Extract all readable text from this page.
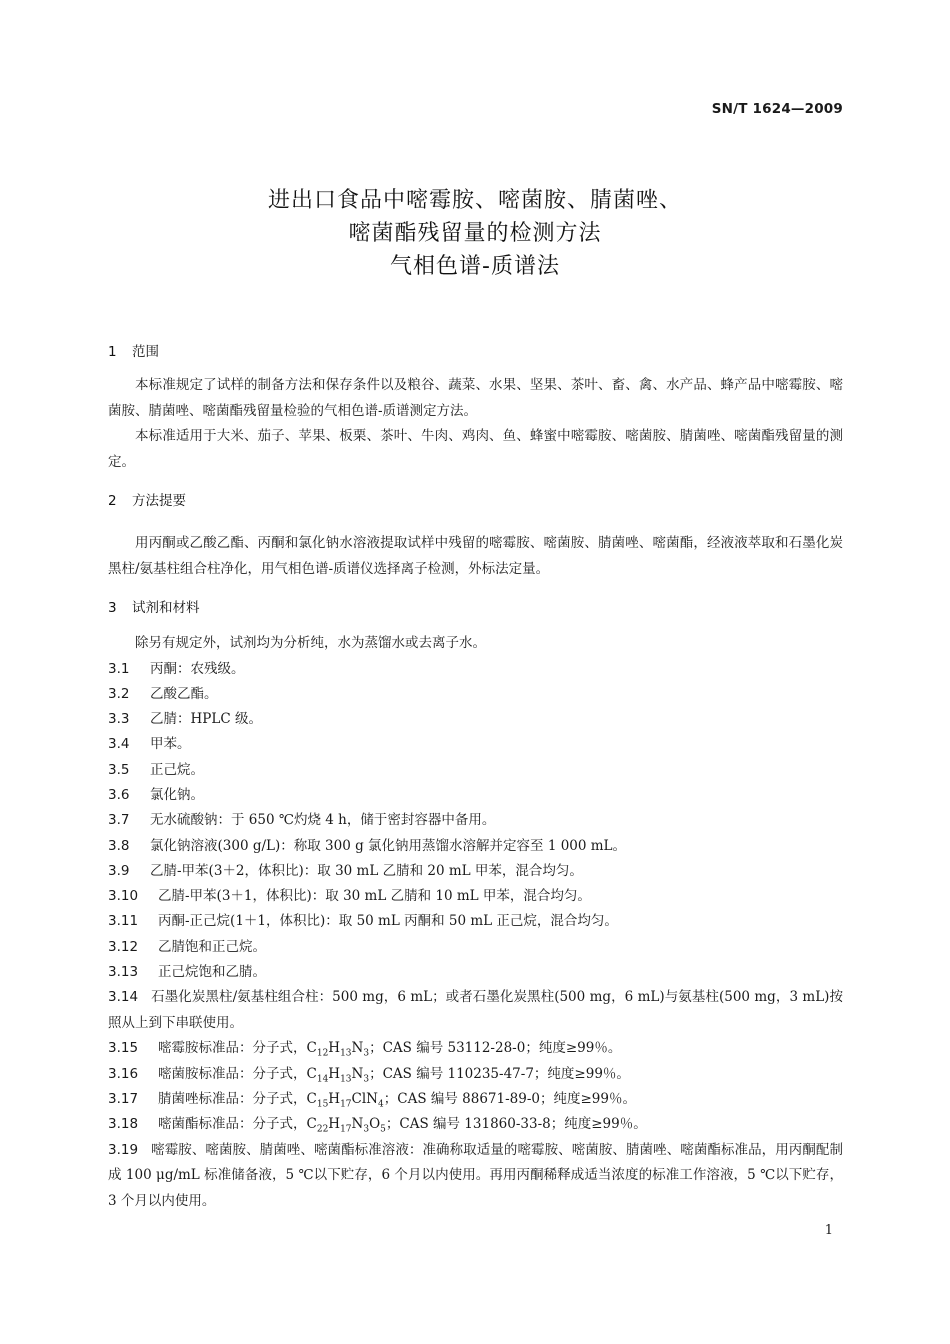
SN/T 1624—2009
进出口食品中嘧霉胺、嘧菌胺、腈菌唑、
嘧菌酯残留量的检测方法
气相色谱-质谱法
1 范围
本标准规定了试样的制备方法和保存条件以及粮谷、蔬菜、水果、坚果、茶叶、畜、禽、水产品、蜂产品中嘧霉胺、嘧菌胺、腈菌唑、嘧菌酯残留量检验的气相色谱-质谱测定方法。
本标准适用于大米、茄子、苹果、板栗、茶叶、牛肉、鸡肉、鱼、蜂蜜中嘧霉胺、嘧菌胺、腈菌唑、嘧菌酯残留量的测定。
2 方法提要
用丙酮或乙酸乙酯、丙酮和氯化钠水溶液提取试样中残留的嘧霉胺、嘧菌胺、腈菌唑、嘧菌酯，经液液萃取和石墨化炭黑柱/氨基柱组合柱净化，用气相色谱-质谱仪选择离子检测，外标法定量。
3 试剂和材料
除另有规定外，试剂均为分析纯，水为蒸馏水或去离子水。
3.1	丙酮：农残级。
3.2	乙酸乙酯。
3.3	乙腈：HPLC 级。
3.4	甲苯。
3.5	正己烷。
3.6	氯化钠。
3.7	无水硫酸钠：于 650 ℃灼烧 4 h，储于密封容器中备用。
3.8	氯化钠溶液(300 g/L)：称取 300 g 氯化钠用蒸馏水溶解并定容至 1 000 mL。
3.9	乙腈-甲苯(3＋2，体积比)：取 30 mL 乙腈和 20 mL 甲苯，混合均匀。
3.10	乙腈-甲苯(3＋1，体积比)：取 30 mL 乙腈和 10 mL 甲苯，混合均匀。
3.11	丙酮-正己烷(1＋1，体积比)：取 50 mL 丙酮和 50 mL 正己烷，混合均匀。
3.12	乙腈饱和正己烷。
3.13	正己烷饱和乙腈。
3.14 石墨化炭黑柱/氨基柱组合柱：500 mg，6 mL；或者石墨化炭黑柱(500 mg，6 mL)与氨基柱(500 mg，3 mL)按照从上到下串联使用。
3.15	嘧霉胺标准品：分子式，$C_{12}H_{13}N_3$；CAS 编号 53112-28-0；纯度≥99％。
3.16	嘧菌胺标准品：分子式，$C_{14}H_{13}N_3$；CAS 编号 110235-47-7；纯度≥99％。
3.17	腈菌唑标准品：分子式，$C_{15}H_{17}ClN_4$；CAS 编号 88671-89-0；纯度≥99％。
3.18	嘧菌酯标准品：分子式，$C_{22}H_{17}N_3O_5$；CAS 编号 131860-33-8；纯度≥99％。
3.19 嘧霉胺、嘧菌胺、腈菌唑、嘧菌酯标准溶液：准确称取适量的嘧霉胺、嘧菌胺、腈菌唑、嘧菌酯标准品，用丙酮配制成 100 μg/mL 标准储备液，5 ℃以下贮存，6 个月以内使用。再用丙酮稀释成适当浓度的标准工作溶液，5 ℃以下贮存，3 个月以内使用。
1
